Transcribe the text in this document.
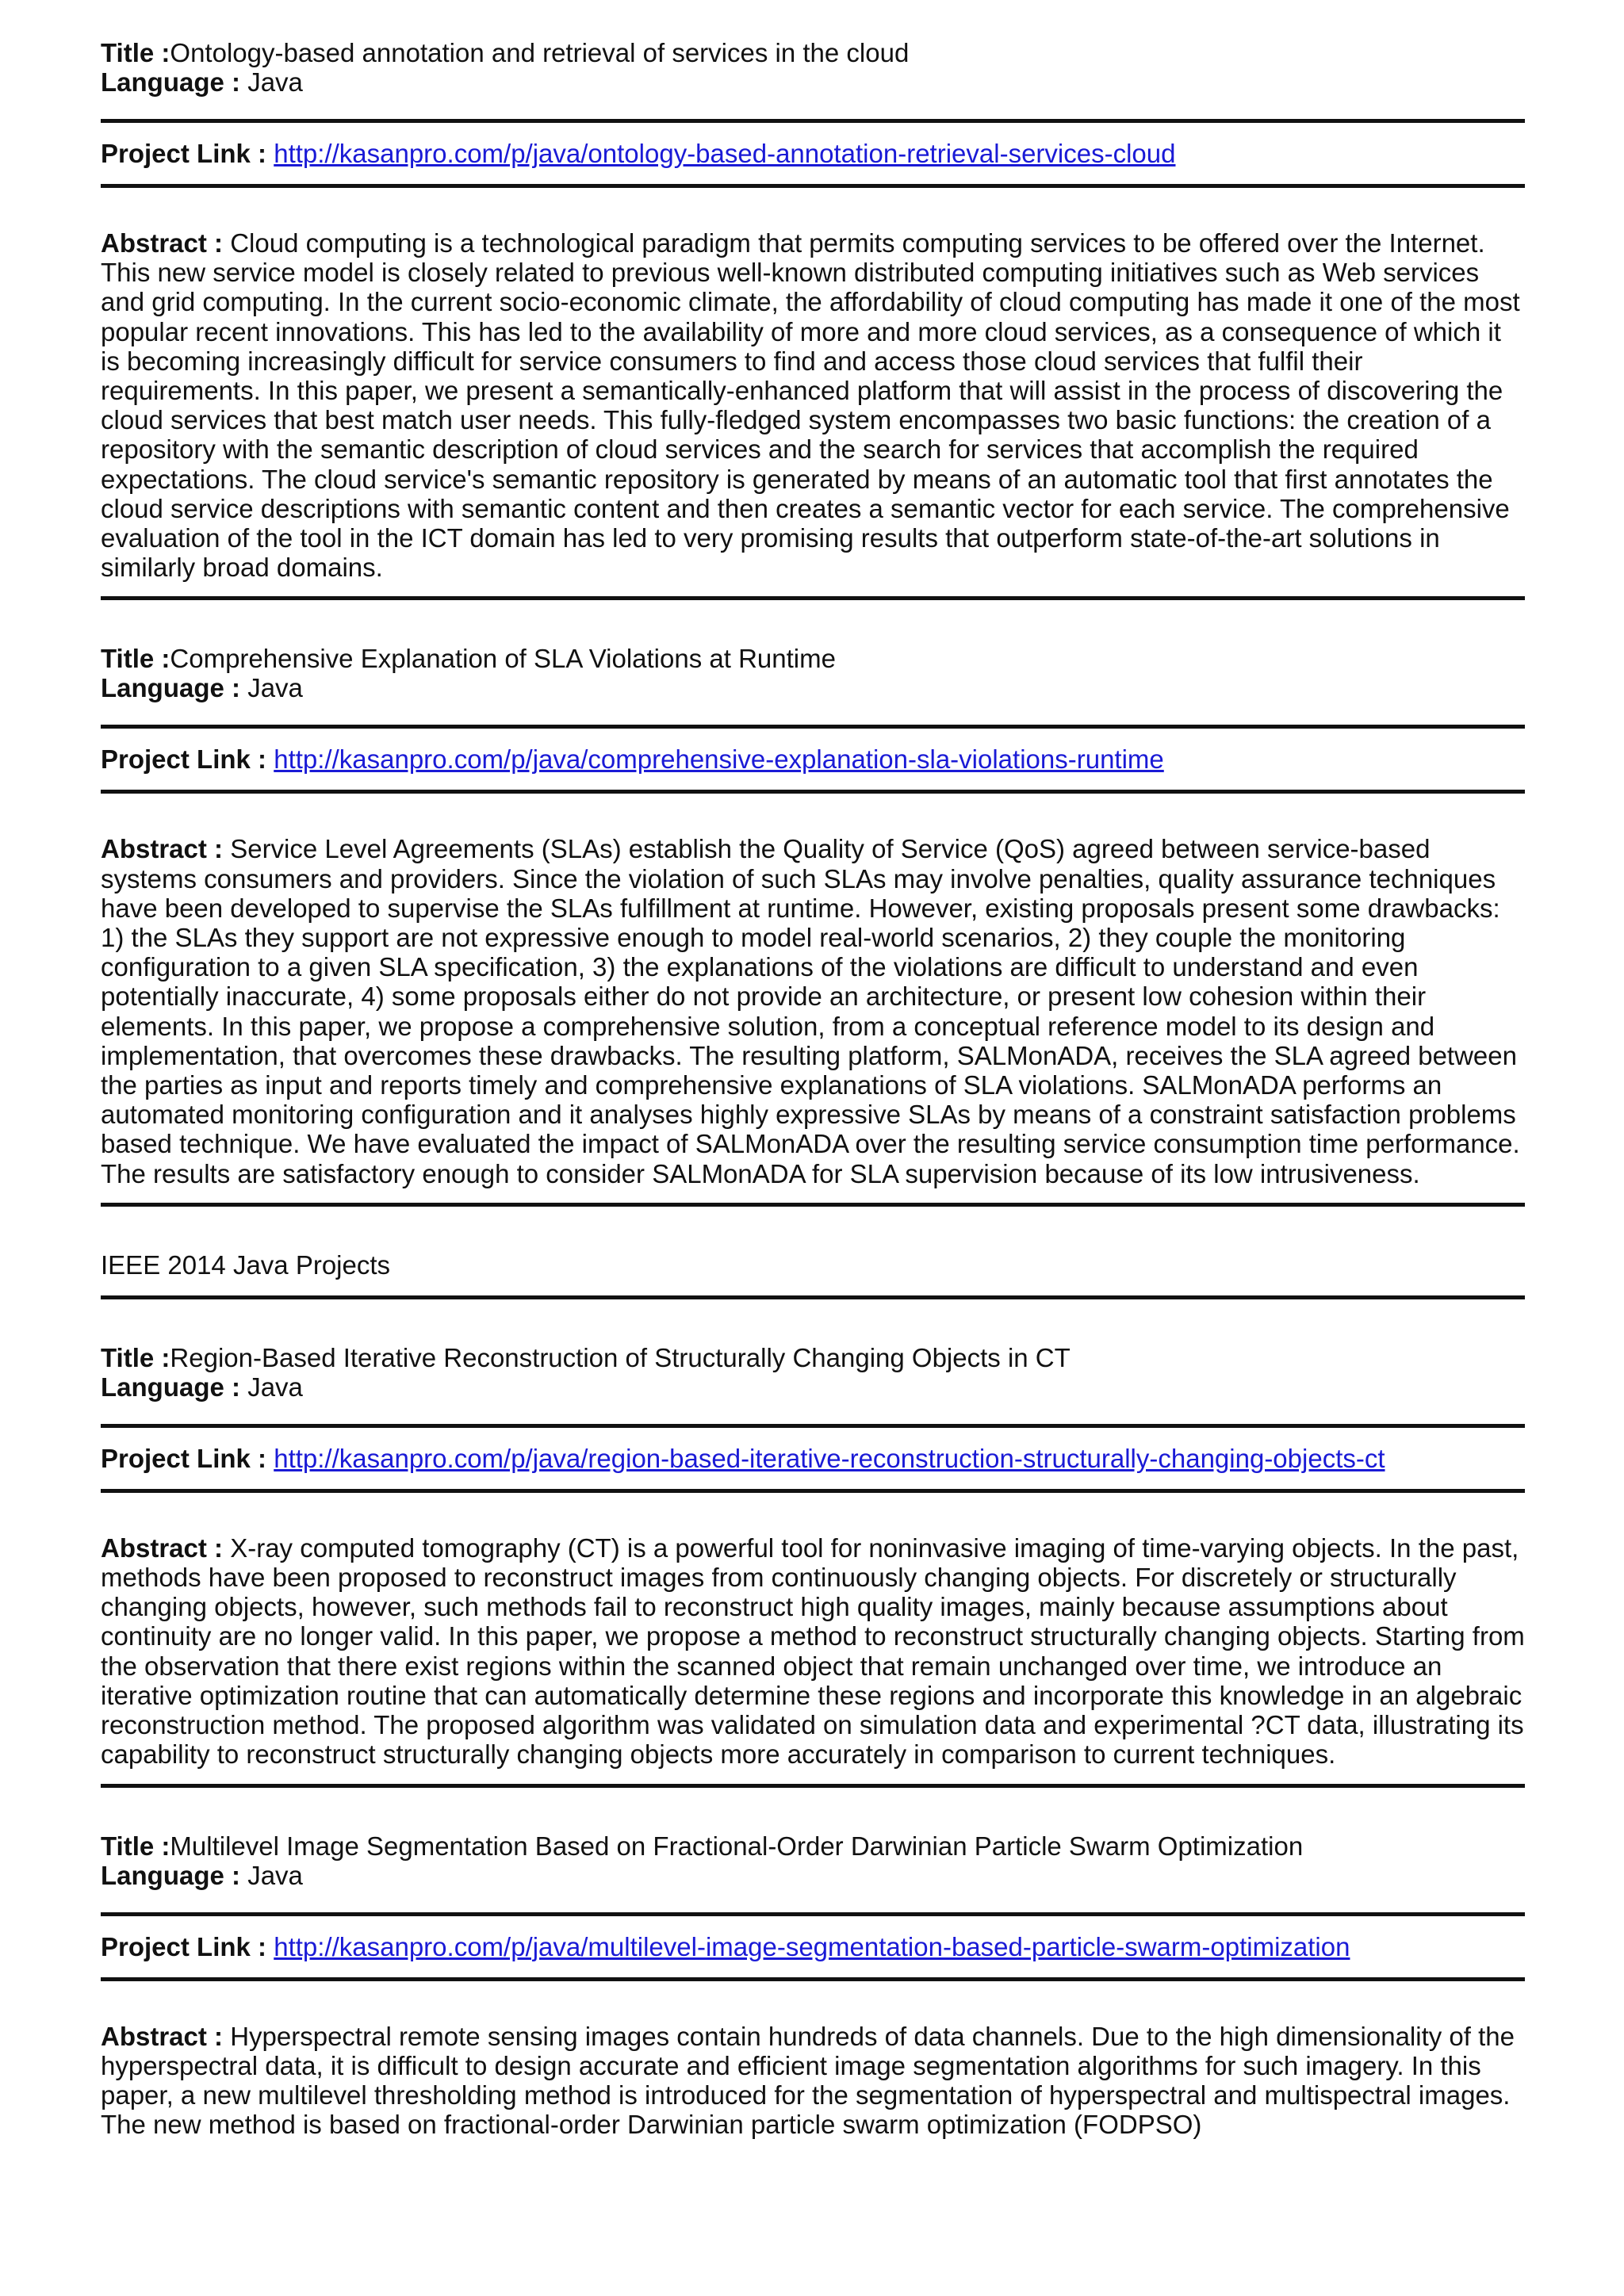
Title :Ontology-based annotation and retrieval of services in the cloud

Language : Java

Project Link : http://kasanpro.com/p/java/ontology-based-annotation-retrieval-services-cloud

Abstract : Cloud computing is a technological paradigm that permits computing services to be offered over the Internet. This new service model is closely related to previous well-known distributed computing initiatives such as Web services and grid computing. In the current socio-economic climate, the affordability of cloud computing has made it one of the most popular recent innovations. This has led to the availability of more and more cloud services, as a consequence of which it is becoming increasingly difficult for service consumers to find and access those cloud services that fulfil their requirements. In this paper, we present a semantically-enhanced platform that will assist in the process of discovering the cloud services that best match user needs. This fully-fledged system encompasses two basic functions: the creation of a repository with the semantic description of cloud services and the search for services that accomplish the required expectations. The cloud service's semantic repository is generated by means of an automatic tool that first annotates the cloud service descriptions with semantic content and then creates a semantic vector for each service. The comprehensive evaluation of the tool in the ICT domain has led to very promising results that outperform state-of-the-art solutions in similarly broad domains.

Title :Comprehensive Explanation of SLA Violations at Runtime

Language : Java

Project Link : http://kasanpro.com/p/java/comprehensive-explanation-sla-violations-runtime

Abstract : Service Level Agreements (SLAs) establish the Quality of Service (QoS) agreed between service-based systems consumers and providers. Since the violation of such SLAs may involve penalties, quality assurance techniques have been developed to supervise the SLAs fulfillment at runtime. However, existing proposals present some drawbacks: 1) the SLAs they support are not expressive enough to model real-world scenarios, 2) they couple the monitoring configuration to a given SLA specification, 3) the explanations of the violations are difficult to understand and even potentially inaccurate, 4) some proposals either do not provide an architecture, or present low cohesion within their elements. In this paper, we propose a comprehensive solution, from a conceptual reference model to its design and implementation, that overcomes these drawbacks. The resulting platform, SALMonADA, receives the SLA agreed between the parties as input and reports timely and comprehensive explanations of SLA violations. SALMonADA performs an automated monitoring configuration and it analyses highly expressive SLAs by means of a constraint satisfaction problems based technique. We have evaluated the impact of SALMonADA over the resulting service consumption time performance. The results are satisfactory enough to consider SALMonADA for SLA supervision because of its low intrusiveness.

IEEE 2014 Java Projects

Title :Region-Based Iterative Reconstruction of Structurally Changing Objects in CT

Language : Java

Project Link : http://kasanpro.com/p/java/region-based-iterative-reconstruction-structurally-changing-objects-ct

Abstract : X-ray computed tomography (CT) is a powerful tool for noninvasive imaging of time-varying objects. In the past, methods have been proposed to reconstruct images from continuously changing objects. For discretely or structurally changing objects, however, such methods fail to reconstruct high quality images, mainly because assumptions about continuity are no longer valid. In this paper, we propose a method to reconstruct structurally changing objects. Starting from the observation that there exist regions within the scanned object that remain unchanged over time, we introduce an iterative optimization routine that can automatically determine these regions and incorporate this knowledge in an algebraic reconstruction method. The proposed algorithm was validated on simulation data and experimental ?CT data, illustrating its capability to reconstruct structurally changing objects more accurately in comparison to current techniques.

Title :Multilevel Image Segmentation Based on Fractional-Order Darwinian Particle Swarm Optimization

Language : Java

Project Link : http://kasanpro.com/p/java/multilevel-image-segmentation-based-particle-swarm-optimization

Abstract : Hyperspectral remote sensing images contain hundreds of data channels. Due to the high dimensionality of the hyperspectral data, it is difficult to design accurate and efficient image segmentation algorithms for such imagery. In this paper, a new multilevel thresholding method is introduced for the segmentation of hyperspectral and multispectral images. The new method is based on fractional-order Darwinian particle swarm optimization (FODPSO)
